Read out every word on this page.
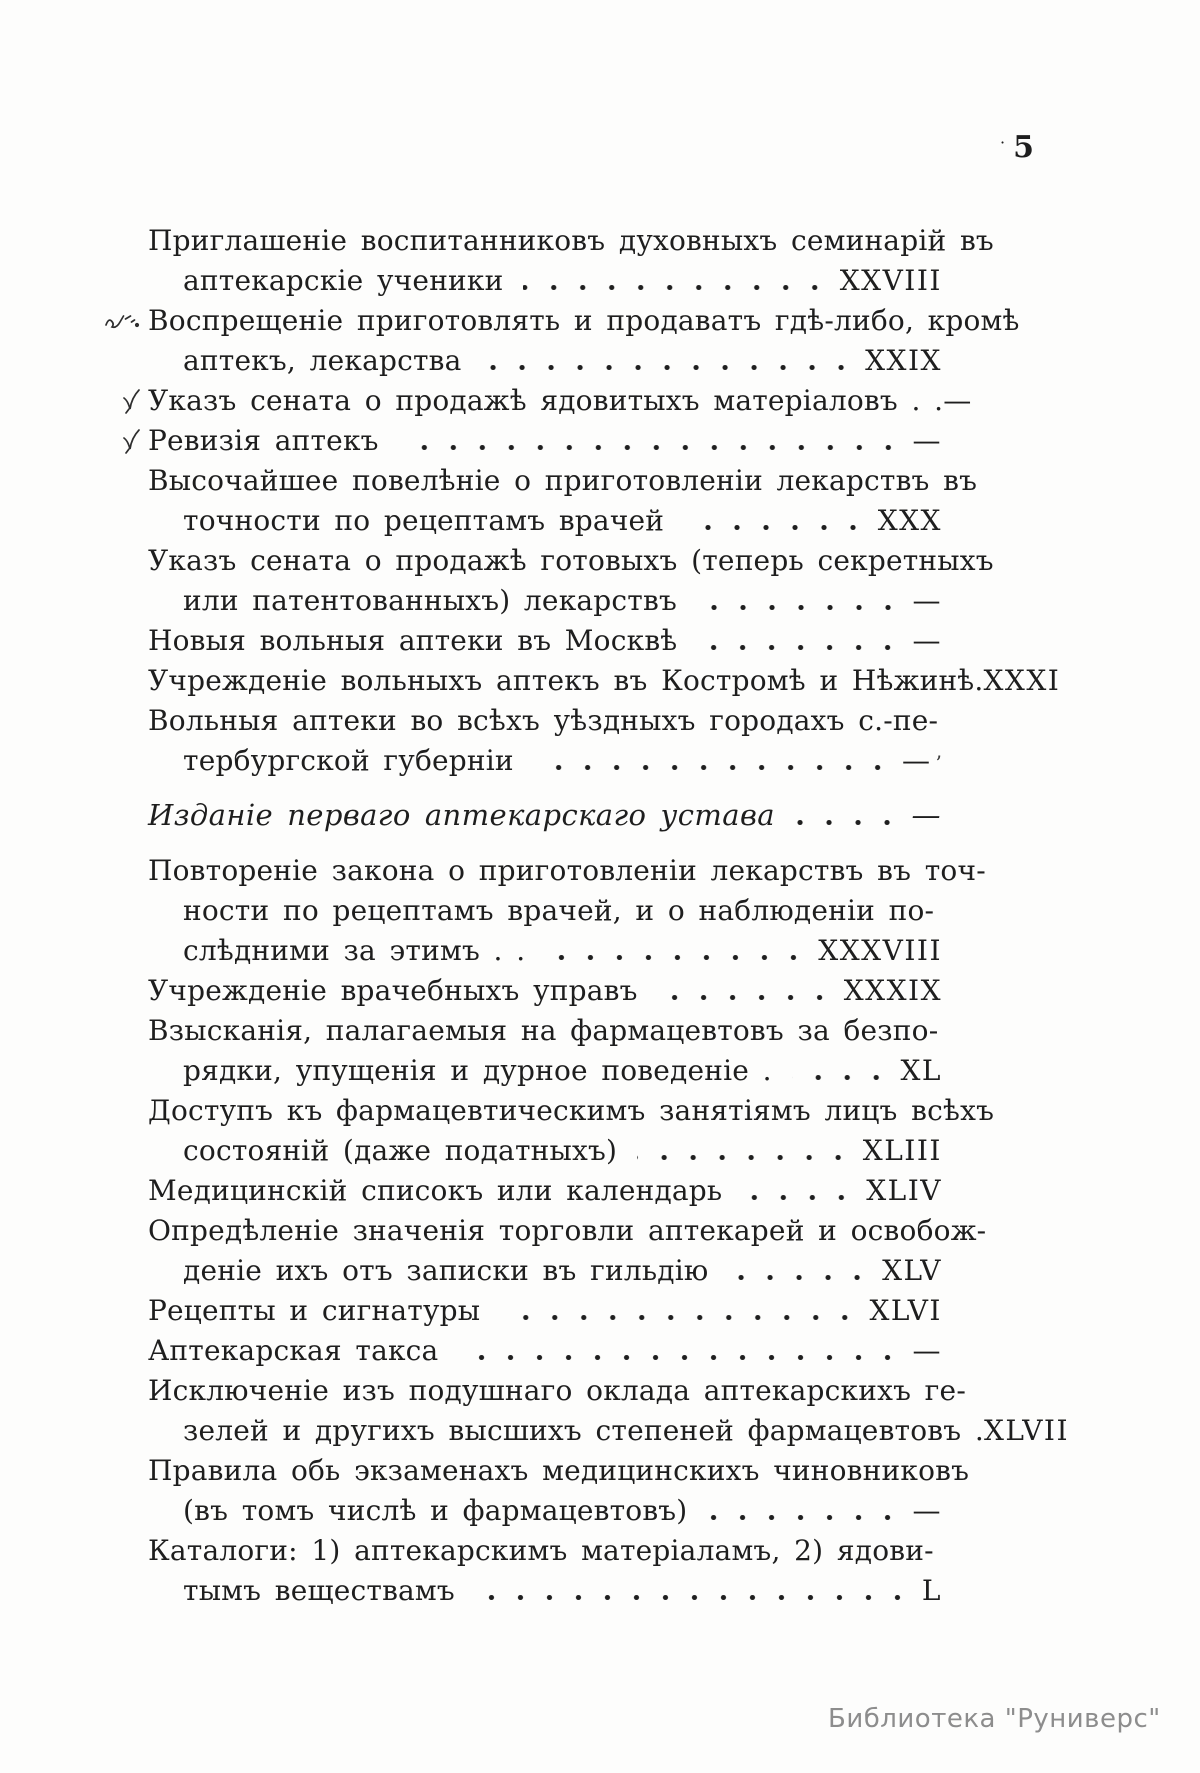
· 5
Приглашеніе воспитанниковъ духовныхъ семинарій въ
аптекарскіе ученики	XXVIII
Воспрещеніе приготовлять и продаватъ гдѣ-либо, кромѣ
аптекъ, лекарства	XXIX
Указъ сената о продажѣ ядовитыхъ матеріаловъ . . —
Ревизія аптекъ	—
Высочайшее повелѣніе о приготовленіи лекарствъ въ
точности по рецептамъ врачей	XXX
Указъ сената о продажѣ готовыхъ (теперь секретныхъ
или патентованныхъ) лекарствъ	—
Новыя вольныя аптеки въ Москвѣ	—
Учрежденіе вольныхъ аптекъ въ Костромѣ и Нѣжинѣ. XXXI
Вольныя аптеки во всѣхъ уѣздныхъ городахъ с.-пе-
тербургской губерніи	— ’
Изданіе перваго аптекарскаго устава	—
Повтореніе закона о приготовленіи лекарствъ въ точ-
ности по рецептамъ врачей, и о наблюденіи по-
слѣдними за этимъ . .	XXXVIII
Учрежденіе врачебныхъ управъ	XXXIX
Взысканія, палагаемыя на фармацевтовъ за безпо-
рядки, упущенія и дурное поведеніе .	XL
Доступъ къ фармацевтическимъ занятіямъ лицъ всѣхъ
состояній (даже податныхъ)	XLIII
Медицинскій списокъ или календарь	XLIV
Опредѣленіе значенія торговли аптекарей и освобож-
деніе ихъ отъ записки въ гильдію	XLV
Рецепты и сигнатуры	XLVI
Аптекарская такса	—
Исключеніе изъ подушнаго оклада аптекарскихъ ге-
зелей и другихъ высшихъ степеней фармацевтовъ . XLVII
Правила обь экзаменахъ медицинскихъ чиновниковъ
(въ томъ числѣ и фармацевтовъ)	—
Каталоги: 1) аптекарскимъ матеріаламъ, 2) ядови-
тымъ веществамъ	L
Библиотека "Руниверс"
